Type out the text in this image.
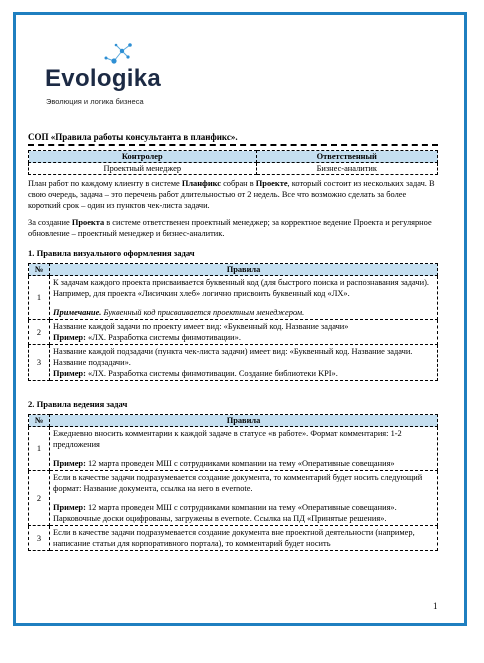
Evologika
Эволюция и логика бизнеса
СОП «Правила работы консультанта в планфикс».
Контролер	Ответственный
Проектный менеджер	Бизнес-аналитик

План работ по каждому клиенту в системе Планфикс собран в Проекте, который состоит из нескольких задач. В свою очередь, задача – это перечень работ длительностью от 2 недель. Все что возможно сделать за более короткий срок – один из пунктов чек-листа задачи.

За создание Проекта в системе ответственен проектный менеджер; за корректное ведение Проекта и регулярное обновление – проектный менеджер и бизнес-аналитик.

1. Правила визуального оформления задач
№	Правила
1	К задачам каждого проекта присваивается буквенный код (для быстрого поиска и распознавания задачи). Например, для проекта «Лисичкин хлеб» логично присвоить буквенный код «ЛХ».

Примечание. Буквенный код присваивается проектным менеджером.

2	Название каждой задачи по проекту имеет вид: «Буквенный код. Название задачи»

Пример: «ЛХ. Разработка системы финмотивации».

3	Название каждой подзадачи (пункта чек-листа задачи) имеет вид: «Буквенный код. Название задачи. Название подзадачи».

Пример: «ЛХ. Разработка системы финмотивации. Создание библиотеки KPI».

2. Правила ведения задач
№	Правила
1	Ежедневно вносить комментарии к каждой задаче в статусе «в работе». Формат комментария: 1-2 предложения

Пример: 12 марта проведен МШ с сотрудниками компании на тему «Оперативные совещания»

2	Если в качестве задачи подразумевается создание документа, то комментарий будет носить следующий формат: Название документа, ссылка на него в evernote.

Пример: 12 марта проведен МШ с сотрудниками компании на тему «Оперативные совещания». Парковочные доски оцифрованы, загружены в evernote. Ссылка на ПД «Принятые решения».

3	Если в качестве задачи подразумевается создание документа вне проектной деятельности (например, написание статьи для корпоративного портала), то комментарий будет носить

1
